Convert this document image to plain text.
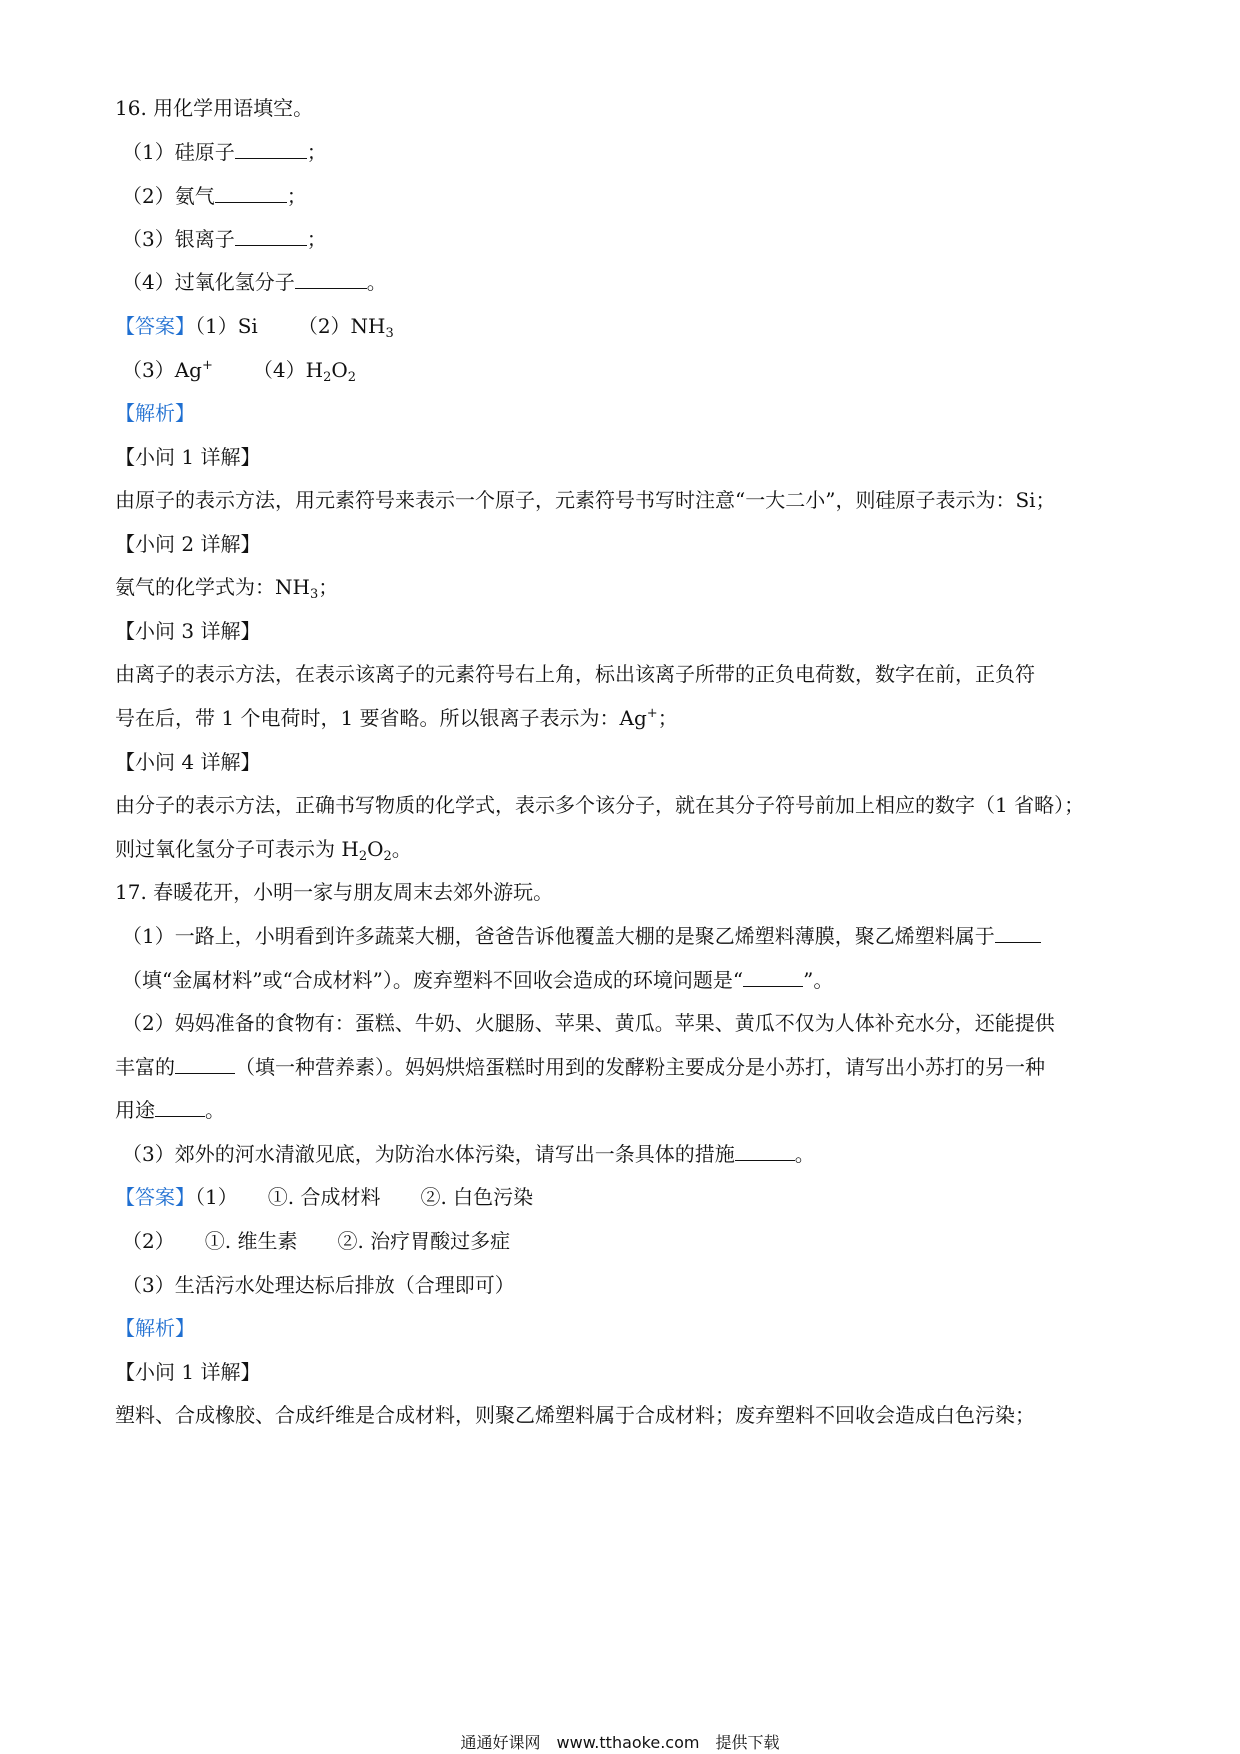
16. 用化学用语填空。
（1）硅原子	；
（2）氨气	；
（3）银离子	；
（4）过氧化氢分子	。
【答案】（1）Si $(2)NH_3$
（3）Ag+ $(4)H_2O_2$
【解析】
【小问 1 详解】
由原子的表示方法，用元素符号来表示一个原子，元素符号书写时注意“一大二小”，则硅原子表示为：Si；
【小问 2 详解】
氨气的化学式为：$NH_3$；
【小问 3 详解】
由离子的表示方法，在表示该离子的元素符号右上角，标出该离子所带的正负电荷数，数字在前，正负符
号在后，带 1 个电荷时，1 要省略。所以银离子表示为：Ag+；
【小问 4 详解】
由分子的表示方法，正确书写物质的化学式，表示多个该分子，就在其分子符号前加上相应的数字（1 省略）；
则过氧化氢分子可表示为 $H_2O_2$。
17. 春暖花开，小明一家与朋友周末去郊外游玩。
（1）一路上，小明看到许多蔬菜大棚，爸爸告诉他覆盖大棚的是聚乙烯塑料薄膜，聚乙烯塑料属于
（填“金属材料”或“合成材料”）。废弃塑料不回收会造成的环境问题是“	”。
（2）妈妈准备的食物有：蛋糕、牛奶、火腿肠、苹果、黄瓜。苹果、黄瓜不仅为人体补充水分，还能提供
丰富的	（填一种营养素）。妈妈烘焙蛋糕时用到的发酵粉主要成分是小苏打，请写出小苏打的另一种
用途	。
（3）郊外的河水清澈见底，为防治水体污染，请写出一条具体的措施	。
【答案】（1）　　①. 合成材料　　②. 白色污染
（2）　　①. 维生素　　②. 治疗胃酸过多症
（3）生活污水处理达标后排放（合理即可）
【解析】
【小问 1 详解】
塑料、合成橡胶、合成纤维是合成材料，则聚乙烯塑料属于合成材料；废弃塑料不回收会造成白色污染；
通通好课网　www.tthaoke.com　提供下载
